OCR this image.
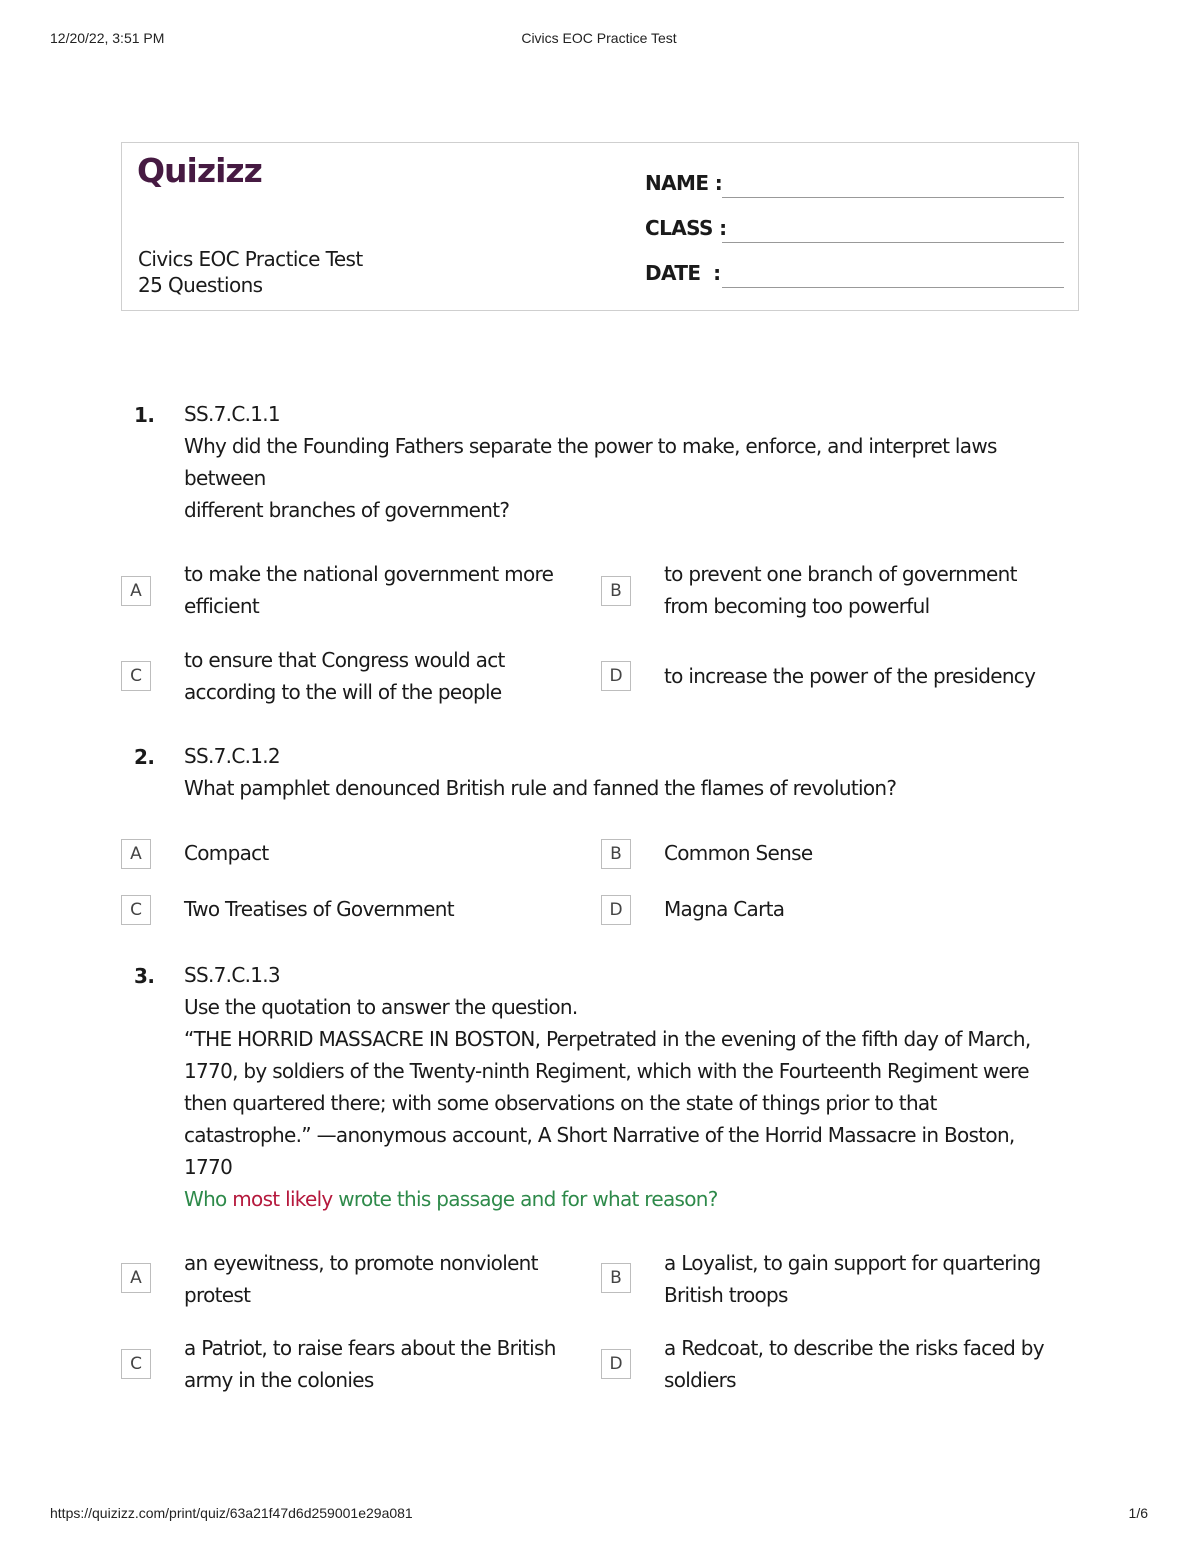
12/20/22, 3:51 PM	Civics EOC Practice Test
Quizizz
Civics EOC Practice Test
25 Questions
NAME :
CLASS :
DATE  :
1. SS.7.C.1.1
Why did the Founding Fathers separate the power to make, enforce, and interpret laws
between
different branches of government?
A
to make the national government more
efficient
B
to prevent one branch of government
from becoming too powerful
C
to ensure that Congress would act
according to the will of the people
D	to increase the power of the presidency
2. SS.7.C.1.2
What pamphlet denounced British rule and fanned the flames of revolution?
A	Compact	B	Common Sense
C	Two Treatises of Government	D	Magna Carta
3. SS.7.C.1.3
Use the quotation to answer the question.
“THE HORRID MASSACRE IN BOSTON, Perpetrated in the evening of the fifth day of March,
1770, by soldiers of the Twenty-ninth Regiment, which with the Fourteenth Regiment were
then quartered there; with some observations on the state of things prior to that
catastrophe.” —anonymous account, A Short Narrative of the Horrid Massacre in Boston,
1770
Who most likely wrote this passage and for what reason?
A
an eyewitness, to promote nonviolent
protest
B
a Loyalist, to gain support for quartering
British troops
C
a Patriot, to raise fears about the British
army in the colonies
D
a Redcoat, to describe the risks faced by
soldiers
https://quizizz.com/print/quiz/63a21f47d6d259001e29a081	1/6
